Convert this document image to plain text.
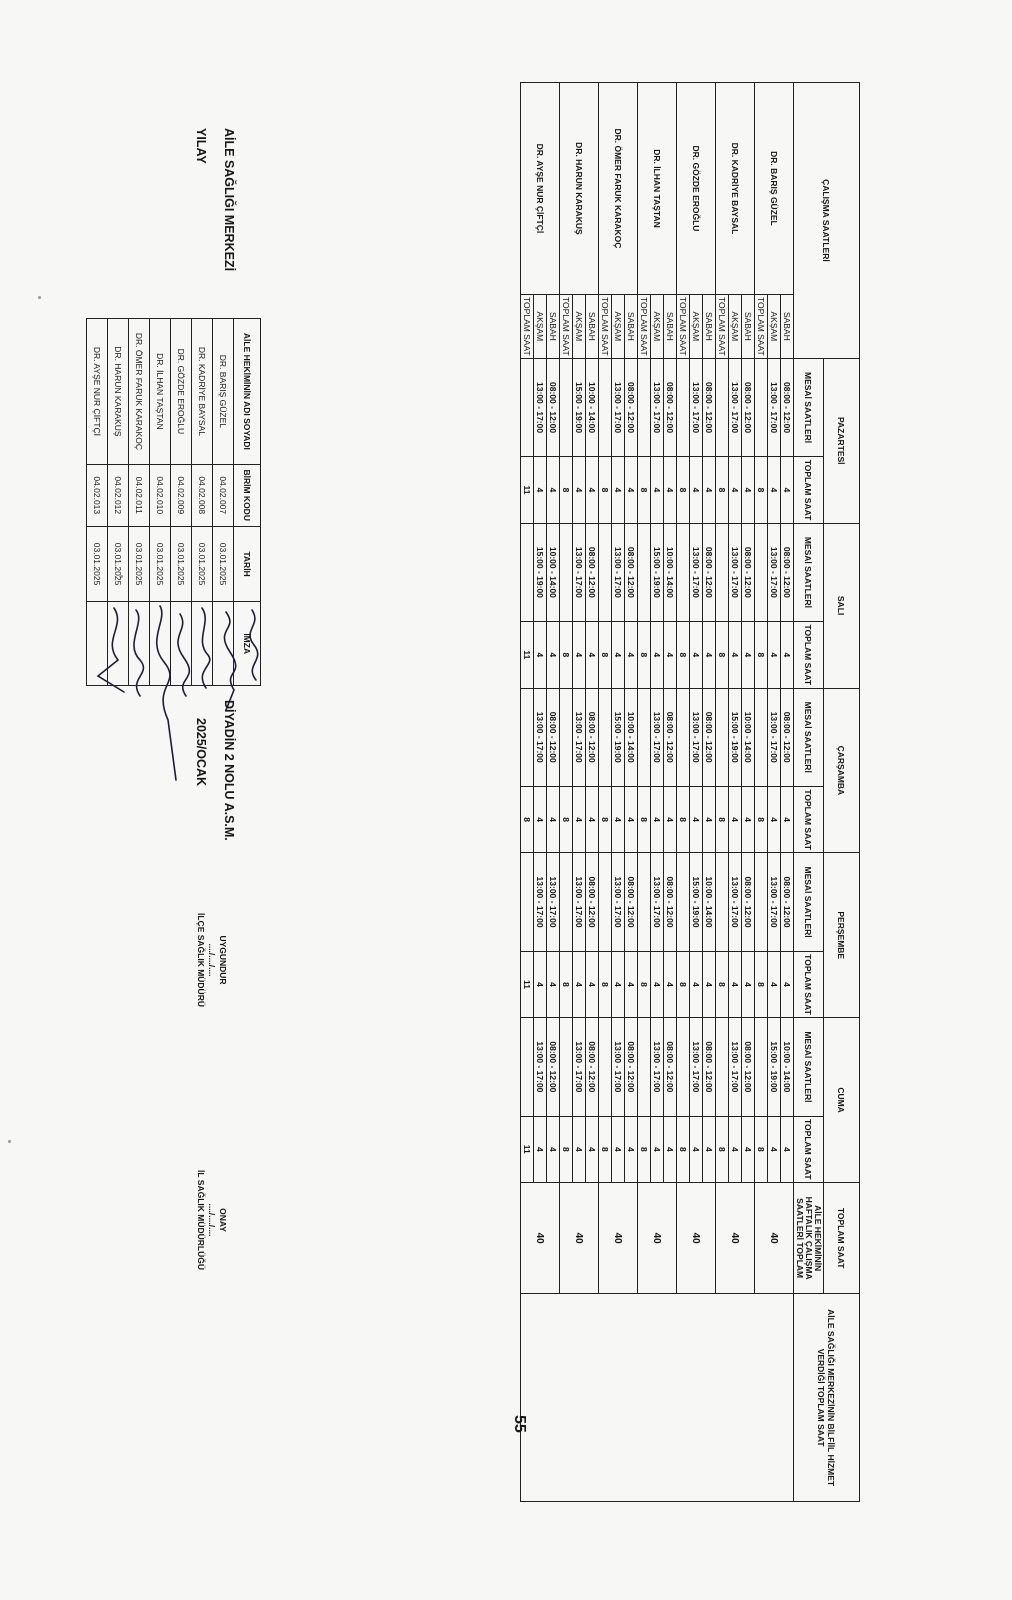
AİLE SAĞLIĞI MERKEZİ
YILAY
DİYADİN 2 NOLU A.S.M.
2025/OCAK
ÇALIŞMA SAATLERİ		PAZARTESİ		SALI		ÇARŞAMBA		PERŞEMBE		CUMA		TOPLAM SAAT	AİLE SAĞLIĞI MERKEZİNİN BİLFİİL HİZMET VERDİĞİ TOPLAM SAAT
		MESAİ SAATLERİ	TOPLAM SAAT	MESAİ SAATLERİ	TOPLAM SAAT	MESAİ SAATLERİ	TOPLAM SAAT	MESAİ SAATLERİ	TOPLAM SAAT	MESAİ SAATLERİ	TOPLAM SAAT	AİLE HEKİMİNİN HAFTALIK ÇALIŞMA SAATLERİ TOPLAM	
DR. BARIŞ GÜZEL	SABAH	08:00 - 12:00	4	08:00 - 12:00	4	08:00 - 12:00	4	08:00 - 12:00	4	10:00 - 14:00	4	40	
	AKŞAM	13:00 - 17:00	4	13:00 - 17:00	4	13:00 - 17:00	4	13:00 - 17:00	4	15:00 - 19:00	4		
	TOPLAM SAAT		8		8		8		8		8		
DR. KADRİYE BAYSAL	SABAH	08:00 - 12:00	4	08:00 - 12:00	4	10:00 - 14:00	4	08:00 - 12:00	4	08:00 - 12:00	4	40	
	AKŞAM	13:00 - 17:00	4	13:00 - 17:00	4	15:00 - 19:00	4	13:00 - 17:00	4	13:00 - 17:00	4		
	TOPLAM SAAT		8		8		8		8		8		
DR. GÖZDE EROĞLU	SABAH	08:00 - 12:00	4	08:00 - 12:00	4	08:00 - 12:00	4	10:00 - 14:00	4	08:00 - 12:00	4	40	
	AKŞAM	13:00 - 17:00	4	13:00 - 17:00	4	13:00 - 17:00	4	15:00 - 19:00	4	13:00 - 17:00	4		
	TOPLAM SAAT		8		8		8		8		8		
DR. İLHAN TAŞTAN	SABAH	08:00 - 12:00	4	10:00 - 14:00	4	08:00 - 12:00	4	08:00 - 12:00	4	08:00 - 12:00	4	40	
	AKŞAM	13:00 - 17:00	4	15:00 - 19:00	4	13:00 - 17:00	4	13:00 - 17:00	4	13:00 - 17:00	4		
	TOPLAM SAAT		8		8		8		8		8		
DR. ÖMER FARUK KARAKOÇ	SABAH	08:00 - 12:00	4	08:00 - 12:00	4	10:00 - 14:00	4	08:00 - 12:00	4	08:00 - 12:00	4	40	
	AKŞAM	13:00 - 17:00	4	13:00 - 17:00	4	15:00 - 19:00	4	13:00 - 17:00	4	13:00 - 17:00	4		
	TOPLAM SAAT		8		8		8		8		8		
DR. HARUN KARAKUŞ	SABAH	10:00 - 14:00	4	08:00 - 12:00	4	08:00 - 12:00	4	08:00 - 12:00	4	08:00 - 12:00	4	40	
	AKŞAM	15:00 - 19:00	4	13:00 - 17:00	4	13:00 - 17:00	4	13:00 - 17:00	4	13:00 - 17:00	4		
	TOPLAM SAAT		8		8		8		8		8		
DR. AYŞE NUR ÇİFTÇİ	SABAH	08:00 - 12:00	4	10:00 - 14:00	4	08:00 - 12:00	4	13:00 - 17:00	4	08:00 - 12:00	4	40	
	AKŞAM	13:00 - 17:00	4	15:00 - 19:00	4	13:00 - 17:00	4	13:00 - 17:00	4	13:00 - 17:00	4		
	TOPLAM SAAT		11		11		8		11		11		
AİLE HEKİMİNİN ADI SOYADI	BİRİM KODU	TARİH	İMZA
DR. BARIŞ GÜZEL	04.02.007	03.01.2025	
DR. KADRİYE BAYSAL	04.02.008	03.01.2025	
DR. GÖZDE EROĞLU	04.02.009	03.01.2025	
DR. İLHAN TAŞTAN	04.02.010	03.01.2025	
DR. ÖMER FARUK KARAKOÇ	04.02.011	03.01.2025	
DR. HARUN KARAKUŞ	04.02.012	03.01.2025	
DR. AYŞE NUR ÇİFTÇİ	04.02.013	03.01.2025	
UYGUNDUR
..../..../....
İLÇE SAĞLIK MÜDÜRÜ
ONAY
..../..../....
İL SAĞLIK MÜDÜRLÜĞÜ
55
